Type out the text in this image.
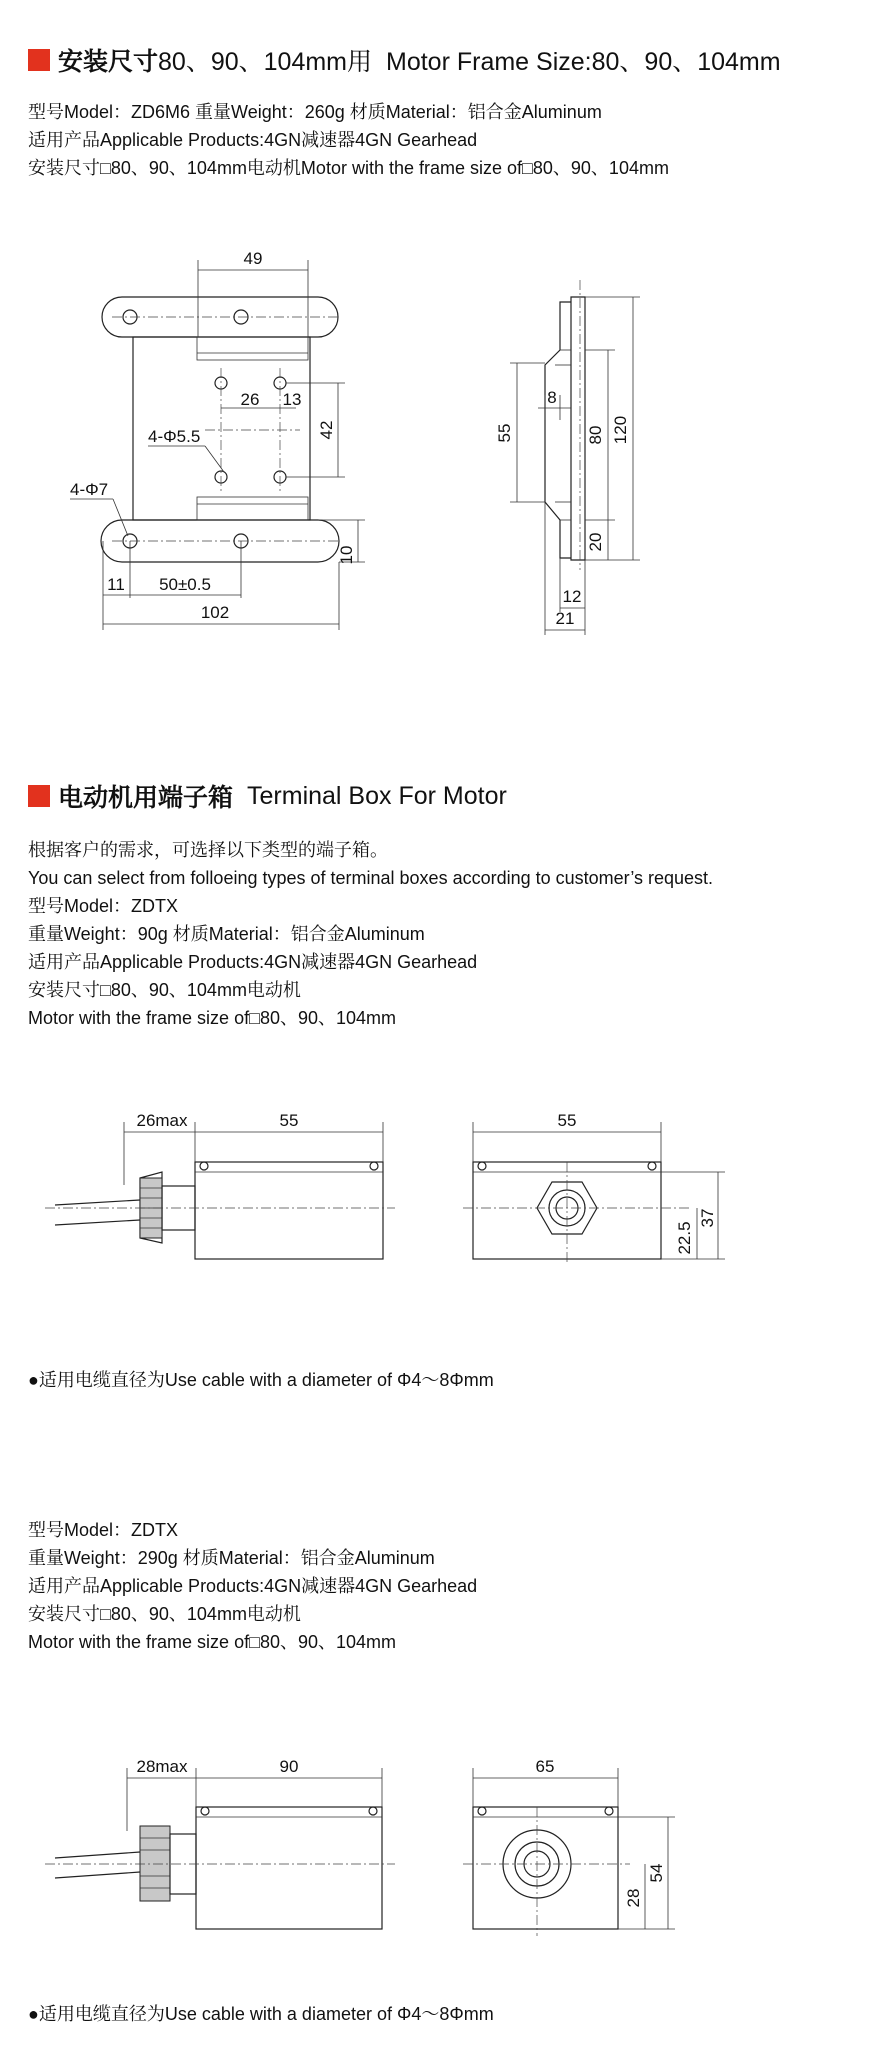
安装尺寸 80、90、104mm用 Motor Frame Size:80、90、104mm
型号Model：ZD6M6 重量Weight：260g 材质Material：铝合金Aluminum
适用产品Applicable Products:4GN减速器4GN Gearhead
安装尺寸□80、90、104mm电动机Motor with the frame size of□80、90、104mm
49
26 13
42
4-Φ5.5
4-Φ7
11 50±0.5
102
10
55
8
80 120
20
12
21
电动机用端子箱 Terminal Box For Motor
根据客户的需求，可选择以下类型的端子箱。
You can select from folloeing types of terminal boxes according to customer’s request.
型号Model：ZDTX
重量Weight：90g 材质Material：铝合金Aluminum
适用产品Applicable Products:4GN减速器4GN Gearhead
安装尺寸□80、90、104mm电动机
Motor with the frame size of□80、90、104mm
26max	55	55
22.5
37
●适用电缆直径为Use cable with a diameter of Φ4～8Φmm
型号Model：ZDTX
重量Weight：290g 材质Material：铝合金Aluminum
适用产品Applicable Products:4GN减速器4GN Gearhead
安装尺寸□80、90、104mm电动机
Motor with the frame size of□80、90、104mm
28max	90	65
28
54
●适用电缆直径为Use cable with a diameter of Φ4～8Φmm
